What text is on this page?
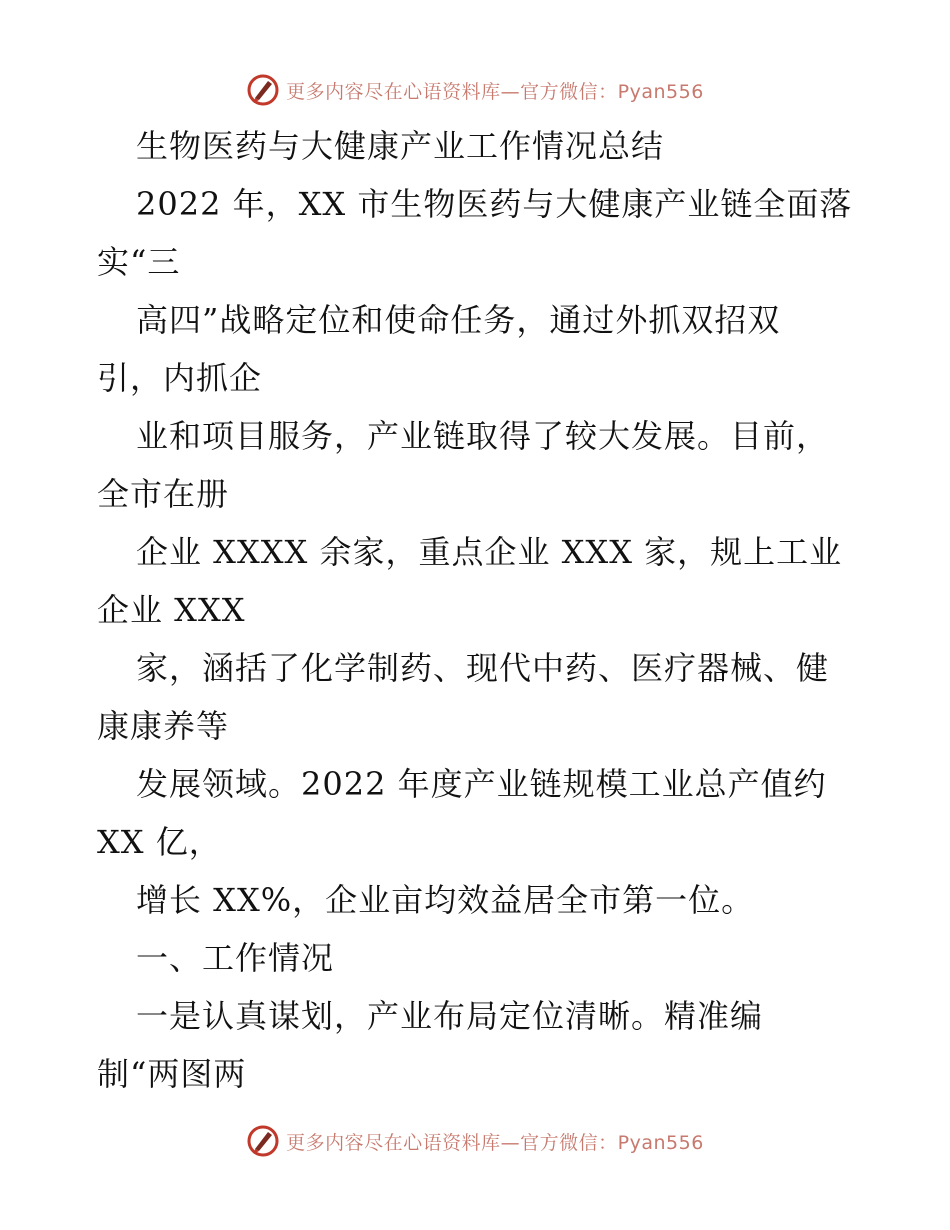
更多内容尽在心语资料库—官方微信：Pyan556
生物医药与大健康产业工作情况总结
2022 年，XX 市生物医药与大健康产业链全面落
实“三
高四”战略定位和使命任务，通过外抓双招双
引，内抓企
业和项目服务，产业链取得了较大发展。目前，
全市在册
企业 XXXX 余家，重点企业 XXX 家，规上工业
企业 XXX
家，涵括了化学制药、现代中药、医疗器械、健
康康养等
发展领域。2022 年度产业链规模工业总产值约
XX 亿，
增长 XX%，企业亩均效益居全市第一位。
一、工作情况
一是认真谋划，产业布局定位清晰。精准编
制“两图两
更多内容尽在心语资料库—官方微信：Pyan556
